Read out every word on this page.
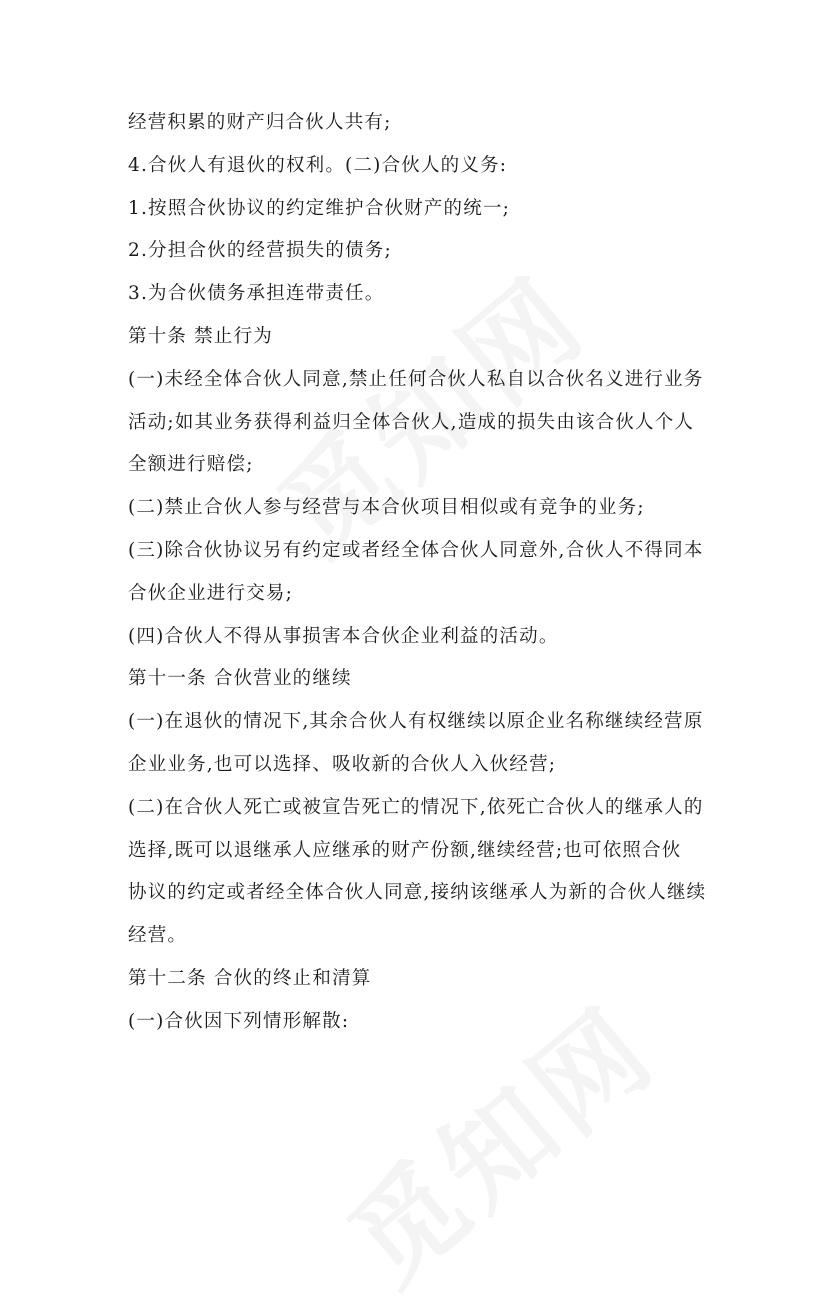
经营积累的财产归合伙人共有;
4.合伙人有退伙的权利。(二)合伙人的义务:
1.按照合伙协议的约定维护合伙财产的统一;
2.分担合伙的经营损失的债务;
3.为合伙债务承担连带责任。
第十条 禁止行为
(一)未经全体合伙人同意,禁止任何合伙人私自以合伙名义进行业务
活动;如其业务获得利益归全体合伙人,造成的损失由该合伙人个人
全额进行赔偿;
(二)禁止合伙人参与经营与本合伙项目相似或有竞争的业务;
(三)除合伙协议另有约定或者经全体合伙人同意外,合伙人不得同本
合伙企业进行交易;
(四)合伙人不得从事损害本合伙企业利益的活动。
第十一条 合伙营业的继续
(一)在退伙的情况下,其余合伙人有权继续以原企业名称继续经营原
企业业务,也可以选择、吸收新的合伙人入伙经营;
(二)在合伙人死亡或被宣告死亡的情况下,依死亡合伙人的继承人的
选择,既可以退继承人应继承的财产份额,继续经营;也可依照合伙
协议的约定或者经全体合伙人同意,接纳该继承人为新的合伙人继续
经营。
第十二条 合伙的终止和清算
(一)合伙因下列情形解散:
